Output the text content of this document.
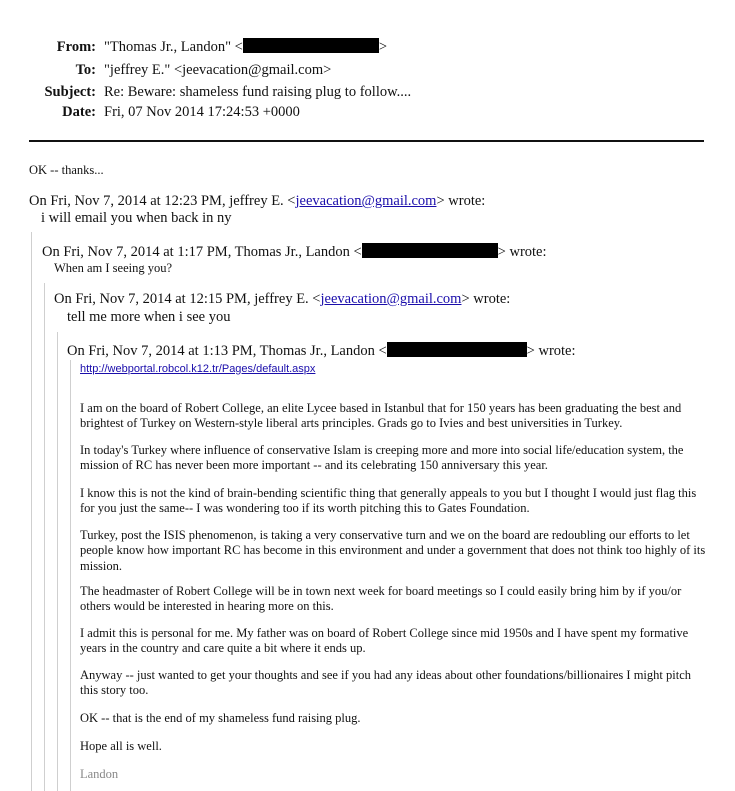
From: "Thomas Jr., Landon" <	>
To: "jeffrey E." <jeevacation@gmail.com>
Subject: Re: Beware: shameless fund raising plug to follow....
Date: Fri, 07 Nov 2014 17:24:53 +0000
OK -- thanks...
On Fri, Nov 7, 2014 at 12:23 PM, jeffrey E. <jeevacation@gmail.com> wrote:
i will email you when back in ny
On Fri, Nov 7, 2014 at 1:17 PM, Thomas Jr., Landon <	> wrote:
When am I seeing you?
On Fri, Nov 7, 2014 at 12:15 PM, jeffrey E. <jeevacation@gmail.com> wrote:
tell me more when i see you
On Fri, Nov 7, 2014 at 1:13 PM, Thomas Jr., Landon <	> wrote:
http://webportal.robcol.k12.tr/Pages/default.aspx

I am on the board of Robert College, an elite Lycee based in Istanbul that for 150 years has been graduating the best and brightest of Turkey on Western-style liberal arts principles. Grads go to Ivies and best universities in Turkey.

In today's Turkey where influence of conservative Islam is creeping more and more into social life/education system, the mission of RC has never been more important -- and its celebrating 150 anniversary this year.

I know this is not the kind of brain-bending scientific thing that generally appeals to you but I thought I would just flag this for you just the same-- I was wondering too if its worth pitching this to Gates Foundation.

Turkey, post the ISIS phenomenon, is taking a very conservative turn and we on the board are redoubling our efforts to let people know how important RC has become in this environment and under a government that does not think too highly of its mission.

The headmaster of Robert College will be in town next week for board meetings so I could easily bring him by if you/or others would be interested in hearing more on this.

I admit this is personal for me. My father was on board of Robert College since mid 1950s and I have spent my formative years in the country and care quite a bit where it ends up.

Anyway -- just wanted to get your thoughts and see if you had any ideas about other foundations/billionaires I might pitch this story too.

OK -- that is the end of my shameless fund raising plug.

Hope all is well.

Landon
